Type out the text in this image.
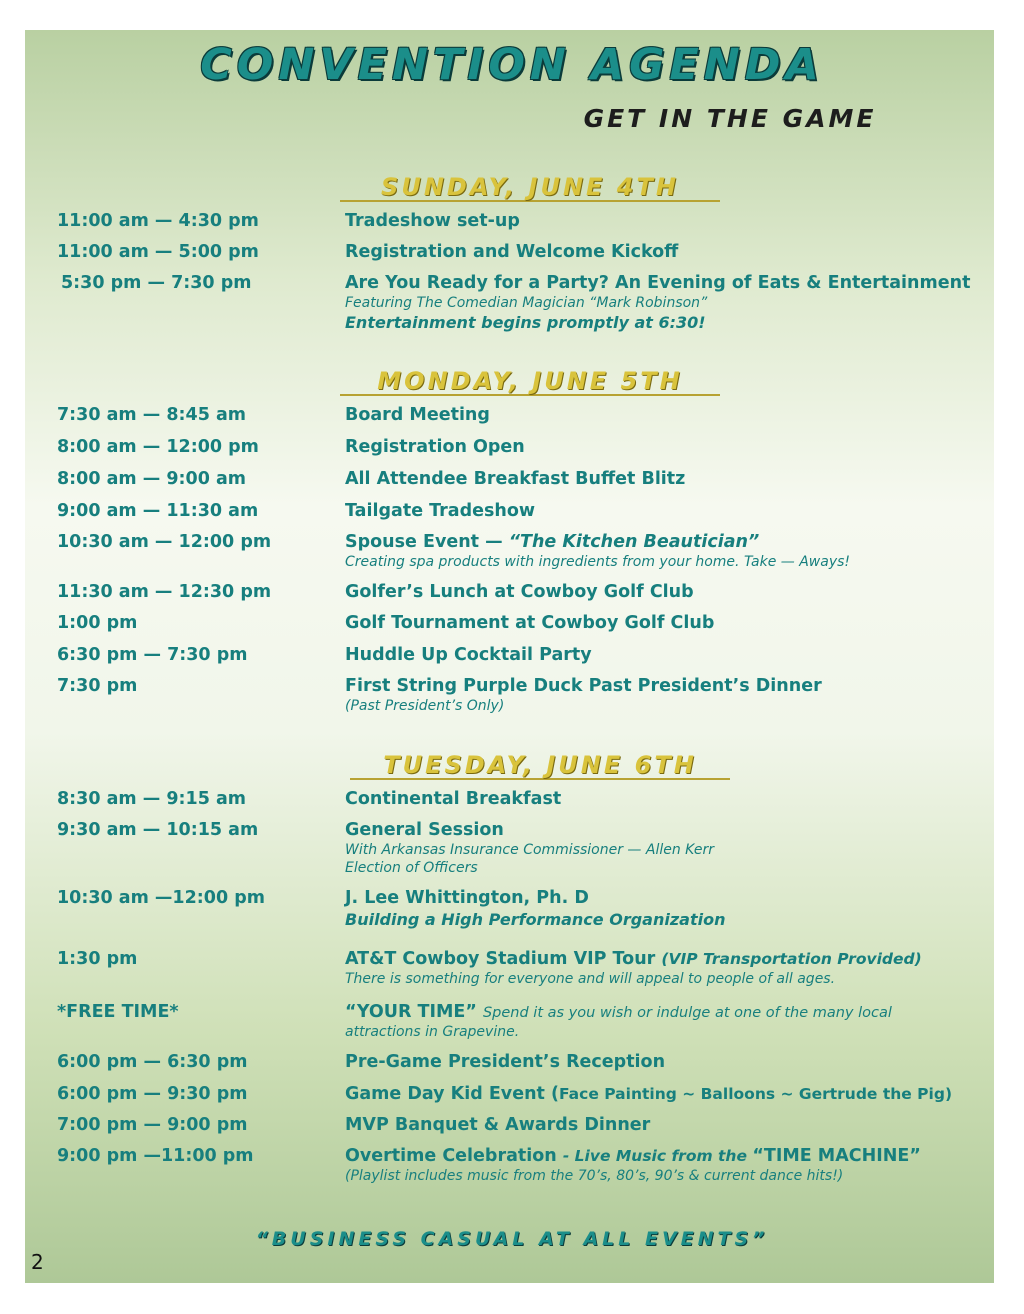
CONVENTION AGENDA
GET IN THE GAME
SUNDAY, JUNE 4TH
11:00 am — 4:30 pm	Tradeshow set-up
11:00 am — 5:00 pm	Registration and Welcome Kickoff
5:30 pm — 7:30 pm	Are You Ready for a Party? An Evening of Eats & Entertainment
Featuring The Comedian Magician “Mark Robinson”
Entertainment begins promptly at 6:30!
MONDAY, JUNE 5TH
7:30 am — 8:45 am	Board Meeting
8:00 am — 12:00 pm	Registration Open
8:00 am — 9:00 am	All Attendee Breakfast Buffet Blitz
9:00 am — 11:30 am	Tailgate Tradeshow
10:30 am — 12:00 pm	Spouse Event — “The Kitchen Beautician”
Creating spa products with ingredients from your home. Take — Aways!
11:30 am — 12:30 pm	Golfer’s Lunch at Cowboy Golf Club
1:00 pm	Golf Tournament at Cowboy Golf Club
6:30 pm — 7:30 pm	Huddle Up Cocktail Party
7:30 pm	First String Purple Duck Past President’s Dinner
(Past President’s Only)
TUESDAY, JUNE 6TH
8:30 am — 9:15 am	Continental Breakfast
9:30 am — 10:15 am	General Session
With Arkansas Insurance Commissioner — Allen Kerr
Election of Officers
10:30 am —12:00 pm	J. Lee Whittington, Ph. D
Building a High Performance Organization
1:30 pm	AT&T Cowboy Stadium VIP Tour (VIP Transportation Provided)
There is something for everyone and will appeal to people of all ages.
*FREE TIME*	“YOUR TIME” Spend it as you wish or indulge at one of the many local
attractions in Grapevine.
6:00 pm — 6:30 pm	Pre-Game President’s Reception
6:00 pm — 9:30 pm	Game Day Kid Event (Face Painting ~ Balloons ~ Gertrude the Pig)
7:00 pm — 9:00 pm	MVP Banquet & Awards Dinner
9:00 pm —11:00 pm	Overtime Celebration - Live Music from the “TIME MACHINE”
(Playlist includes music from the 70’s, 80’s, 90’s & current dance hits!)
“BUSINESS CASUAL AT ALL EVENTS”
2
